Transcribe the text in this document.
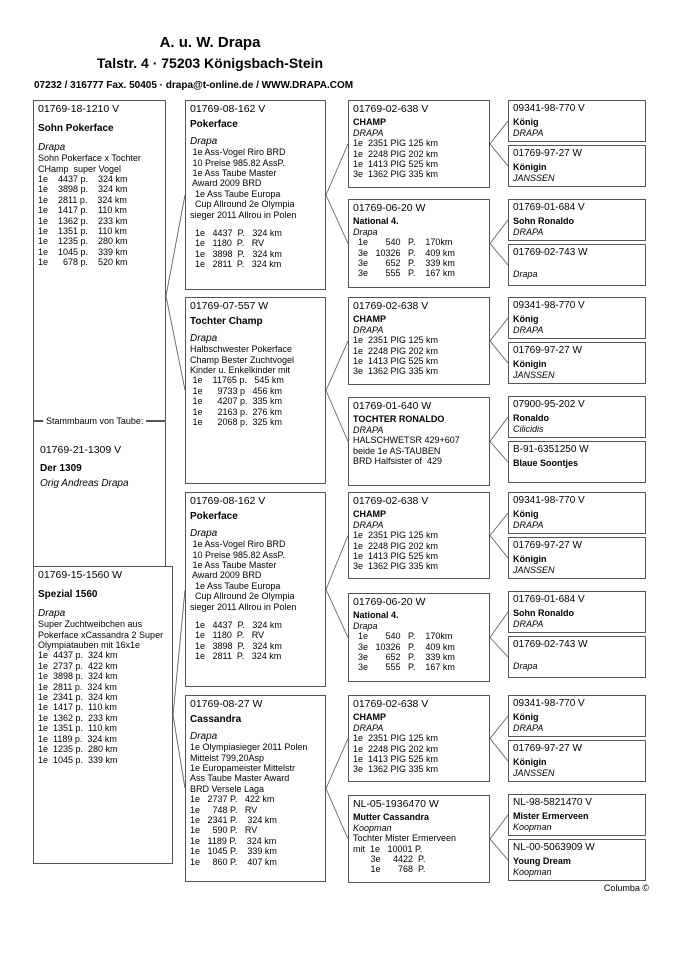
A. u. W. Drapa
Talstr. 4 · 75203 Königsbach-Stein
07232 / 316777 Fax. 50405 · drapa@t-online.de / WWW.DRAPA.COM
01769-18-1210 V
Sohn Pokerface
Drapa
Sohn Pokerface x Tochter
CHamp  super Vogel
1e    4437 p.    324 km
1e    3898 p.    324 km
1e    2811 p.    324 km
1e    1417 p.    110 km
1e    1362 p.    233 km
1e    1351 p.    110 km
1e    1235 p.    280 km
1e    1045 p.    339 km
1e      678 p.    520 km
Stammbaum von Taube:
01769-21-1309 V
Der 1309
Orig Andreas Drapa
01769-15-1560 W
Spezial 1560
Drapa
Super Zuchtweibchen aus
Pokerface xCassandra 2 Super
Olympiatauben mit 16x1e
1e  4437 p.  324 km
1e  2737 p.  422 km
1e  3898 p.  324 km
1e  2811 p.  324 km
1e  2341 p.  324 km
1e  1417 p.  110 km
1e  1362 p.  233 km
1e  1351 p.  110 km
1e  1189 p.  324 km
1e  1235 p.  280 km
1e  1045 p.  339 km
01769-08-162 V
Pokerface
Drapa
1e Ass-Vogel Riro BRD
10 Preise 985.82 AssP.
1e Ass Taube Master
Award 2009 BRD
1e Ass Taube Europa
Cup Allround 2e Olympia
sieger 2011 Allrou in Polen
1e   4437  P.   324 km
1e   1180  P.   RV
1e   3898  P.   324 km
1e   2811  P.   324 km
01769-07-557 W
Tochter Champ
Drapa
Halbschwester Pokerface
Champ Bester Zuchtvogel
Kinder u. Enkelkinder mit
1e    11765 p.   545 km
1e      9733 p   456 km
1e      4207 p.  335 km
1e      2163 p.  276 km
1e      2068 p.  325 km
01769-08-162 V
Pokerface
Drapa
1e Ass-Vogel Riro BRD
10 Preise 985.82 AssP.
1e Ass Taube Master
Award 2009 BRD
1e Ass Taube Europa
Cup Allround 2e Olympia
sieger 2011 Allrou in Polen
1e   4437  P.   324 km
1e   1180  P.   RV
1e   3898  P.   324 km
1e   2811  P.   324 km
01769-08-27 W
Cassandra
Drapa
1e Olympiasieger 2011 Polen
Mittelst 799,20Asp
1e Europameister Mittelstr
Ass Taube Master Award
BRD Versele Laga
1e   2737 P.   422 km
1e     748 P.   RV
1e   2341 P.    324 km
1e     590 P.   RV
1e   1189 P.    324 km
1e   1045 P.    339 km
1e     860 P.    407 km
01769-02-638 V
CHAMP
DRAPA
1e  2351 PIG 125 km
1e  2248 PIG 202 km
1e  1413 PIG 525 km
3e  1362 PIG 335 km
01769-06-20 W
National 4.
Drapa
1e       540   P.    170km
3e   10326   P.    409 km
3e       652   P.    339 km
3e       555   P.    167 km
01769-02-638 V
CHAMP
DRAPA
1e  2351 PIG 125 km
1e  2248 PIG 202 km
1e  1413 PIG 525 km
3e  1362 PIG 335 km
01769-01-640 W
TOCHTER RONALDO
DRAPA
HALSCHWETSR 429+607
beide 1e AS-TAUBEN
BRD Halfsister of  429
01769-02-638 V
CHAMP
DRAPA
1e  2351 PIG 125 km
1e  2248 PIG 202 km
1e  1413 PIG 525 km
3e  1362 PIG 335 km
01769-06-20 W
National 4.
Drapa
1e       540   P.    170km
3e   10326   P.    409 km
3e       652   P.    339 km
3e       555   P.    167 km
01769-02-638 V
CHAMP
DRAPA
1e  2351 PIG 125 km
1e  2248 PIG 202 km
1e  1413 PIG 525 km
3e  1362 PIG 335 km
NL-05-1936470 W
Mutter Cassandra
Koopman
Tochter Mister Ermerveen
mit  1e   10001 P.
3e     4422  P.
1e       768  P.
09341-98-770 V
König
DRAPA
01769-97-27 W
Königin
JANSSEN
01769-01-684 V
Sohn Ronaldo
DRAPA
01769-02-743 W
Drapa
09341-98-770 V
König
DRAPA
01769-97-27 W
Königin
JANSSEN
07900-95-202 V
Ronaldo
Cilicidis
B-91-6351250 W
Blaue Soontjes
09341-98-770 V
König
DRAPA
01769-97-27 W
Königin
JANSSEN
01769-01-684 V
Sohn Ronaldo
DRAPA
01769-02-743 W
Drapa
09341-98-770 V
König
DRAPA
01769-97-27 W
Königin
JANSSEN
NL-98-5821470 V
Mister Ermerveen
Koopman
NL-00-5063909 W
Young Dream
Koopman
Columba ©
